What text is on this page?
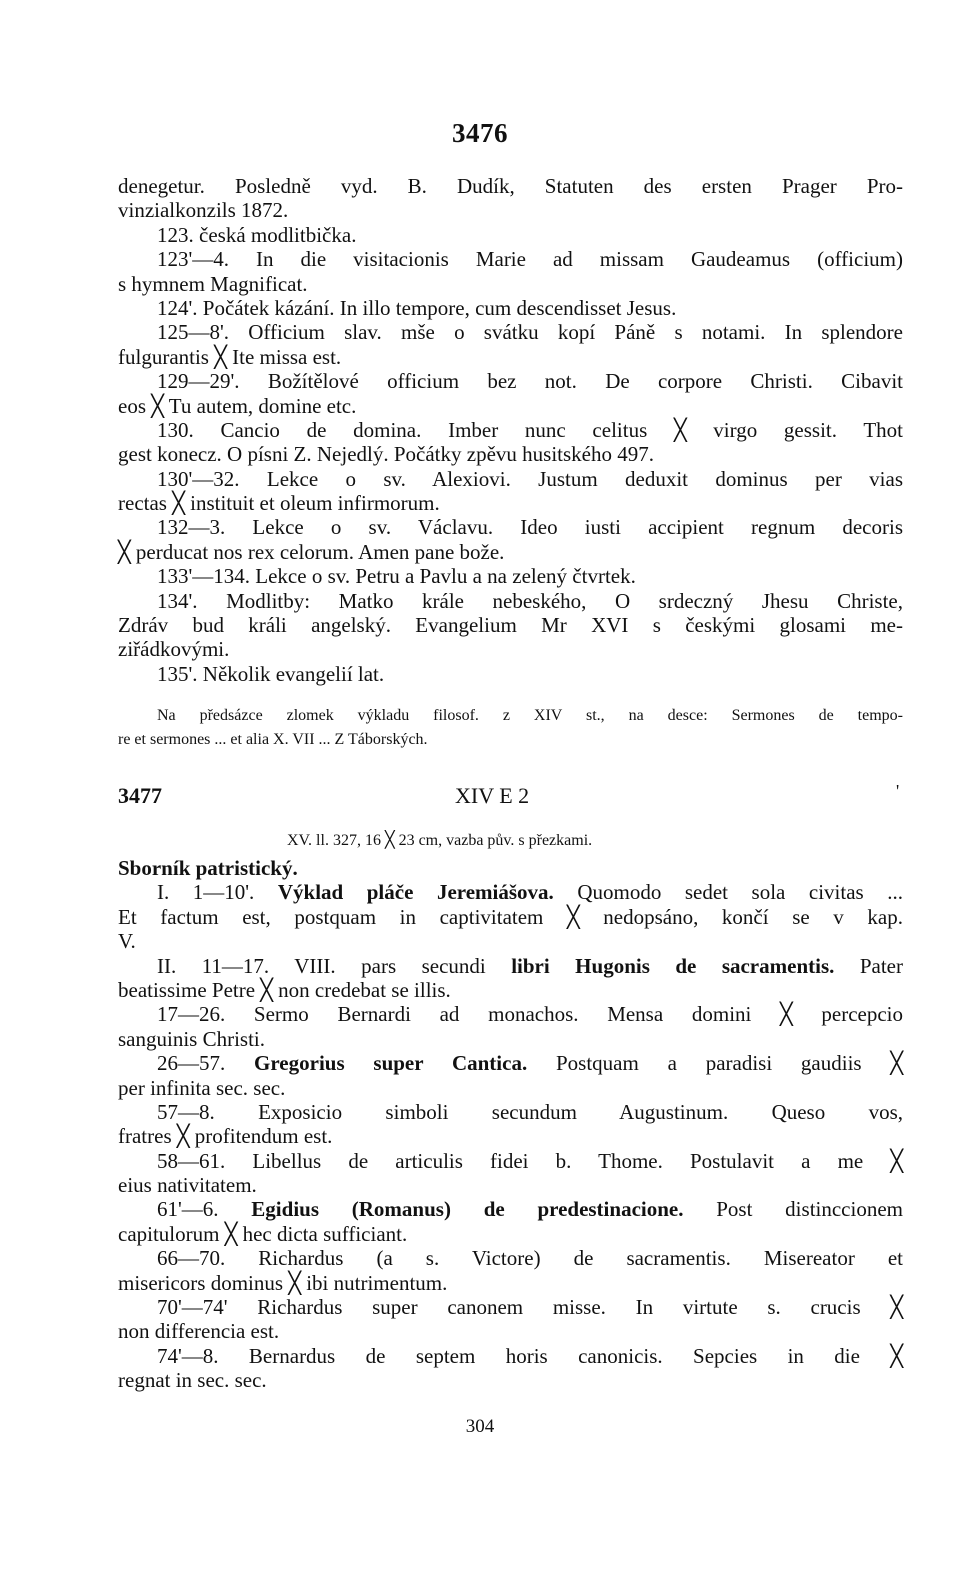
3476
denegetur. Posledně vyd. B. Dudík, Statuten des ersten Prager Pro-
vinzialkonzils 1872.
123. česká modlitbička.
123'—4. In die visitacionis Marie ad missam Gaudeamus (officium)
s hymnem Magnificat.
124'. Počátek kázání. In illo tempore, cum descendisset Jesus.
125—8'. Officium slav. mše o svátku kopí Páně s notami. In splendore
fulgurantis ╳ Ite missa est.
129—29'. Božítělové officium bez not. De corpore Christi. Cibavit
eos ╳ Tu autem, domine etc.
130. Cancio de domina. Imber nunc celitus ╳ virgo gessit. Thot
gest konecz. O písni Z. Nejedlý. Počátky zpěvu husitského 497.
130'—32. Lekce o sv. Alexiovi. Justum deduxit dominus per vias
rectas ╳ instituit et oleum infirmorum.
132—3. Lekce o sv. Václavu. Ideo iusti accipient regnum decoris
╳ perducat nos rex celorum. Amen pane bože.
133'—134. Lekce o sv. Petru a Pavlu a na zelený čtvrtek.
134'. Modlitby: Matko krále nebeského, O srdeczný Jhesu Christe,
Zdráv bud králi angelský. Evangelium Mr XVI s českými glosami me-
ziřádkovými.
135'. Několik evangelií lat.
Na předsázce zlomek výkladu filosof. z XIV st., na desce: Sermones de tempo-
re et sermones ... et alia X. VII ... Z Táborských.
3477	XIV E 2	'
XV. ll. 327, 16 ╳ 23 cm, vazba pův. s přezkami.
Sborník patristický.
I. 1—10'. Výklad pláče Jeremiášova. Quomodo sedet sola civitas ...
Et factum est, postquam in captivitatem ╳ nedopsáno, končí se v kap.
V.
II. 11—17. VIII. pars secundi libri Hugonis de sacramentis. Pater
beatissime Petre ╳ non credebat se illis.
17—26. Sermo Bernardi ad monachos. Mensa domini ╳ percepcio
sanguinis Christi.
26—57. Gregorius super Cantica. Postquam a paradisi gaudiis ╳
per infinita sec. sec.
57—8. Exposicio simboli secundum Augustinum. Queso vos,
fratres ╳ profitendum est.
58—61. Libellus de articulis fidei b. Thome. Postulavit a me ╳
eius nativitatem.
61'—6. Egidius (Romanus) de predestinacione. Post distinccionem
capitulorum ╳ hec dicta sufficiant.
66—70. Richardus (a s. Victore) de sacramentis. Misereator et
misericors dominus ╳ ibi nutrimentum.
70'—74' Richardus super canonem misse. In virtute s. crucis ╳
non differencia est.
74'—8. Bernardus de septem horis canonicis. Sepcies in die ╳
regnat in sec. sec.
304
